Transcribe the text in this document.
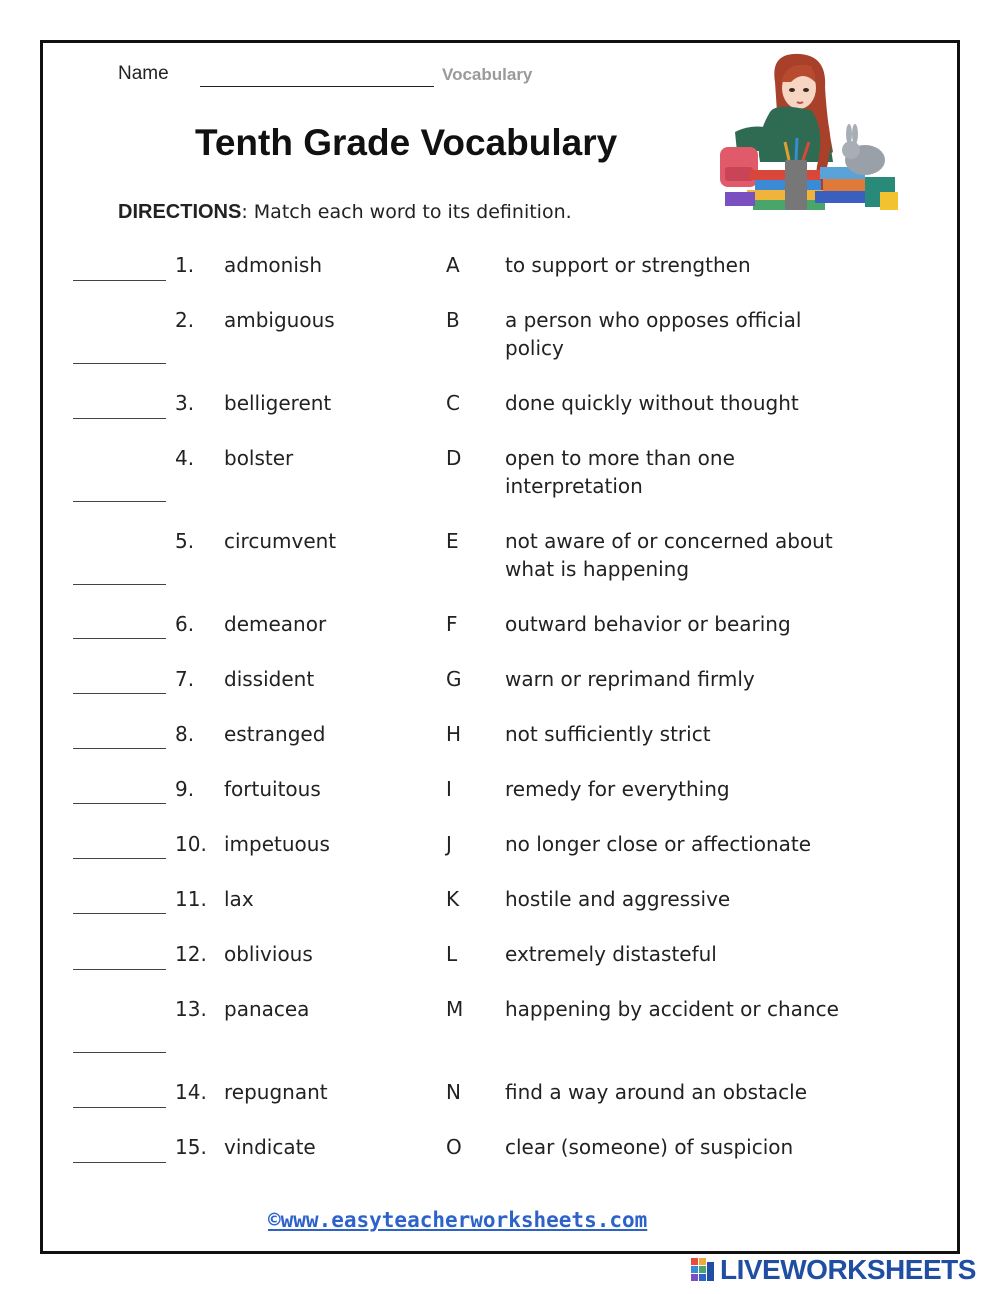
Name	Vocabulary
Tenth Grade Vocabulary
DIRECTIONS: Match each word to its definition.
1. admonish	A to support or strengthen
2. ambiguous	B a person who opposes official policy
3. belligerent	C done quickly without thought
4. bolster	D open to more than one interpretation
5. circumvent	E not aware of or concerned about what is happening
6. demeanor	F outward behavior or bearing
7. dissident	G warn or reprimand firmly
8. estranged	H not sufficiently strict
9. fortuitous	I	remedy for everything
10. impetuous	J	no longer close or affectionate
11. lax	K hostile and aggressive
12. oblivious	L extremely distasteful
13. panacea	M happening by accident or chance
14. repugnant	N find a way around an obstacle
15. vindicate	O clear (someone) of suspicion
©www.easyteacherworksheets.com
LIVEWORKSHEETS
